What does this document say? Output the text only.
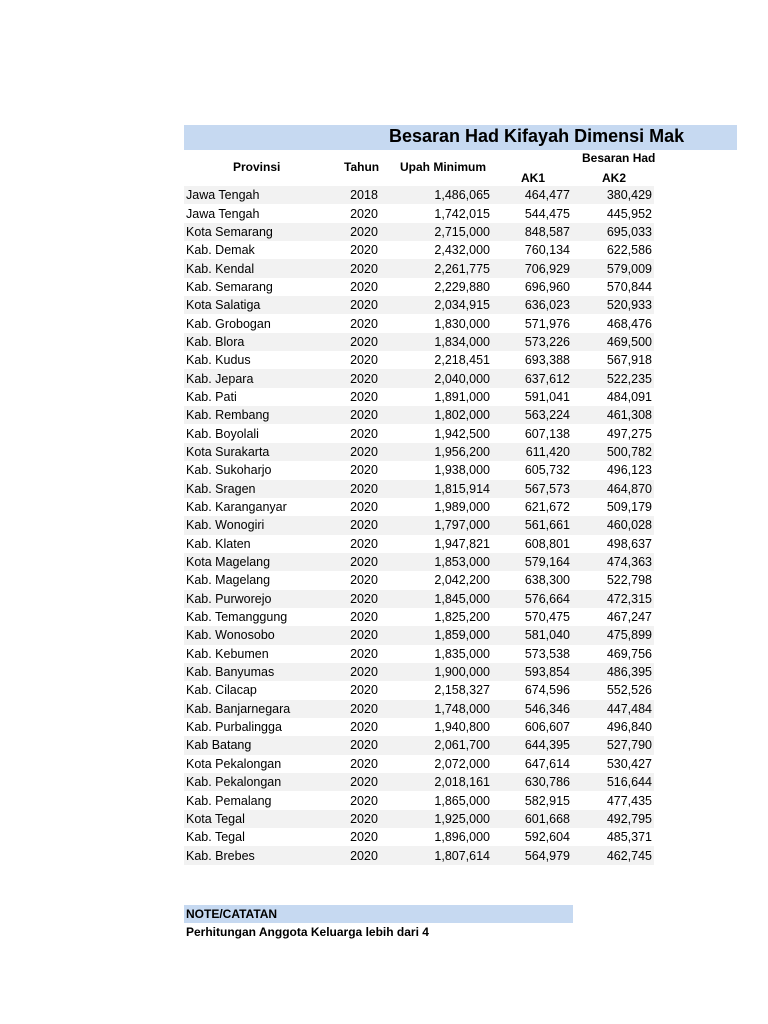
Besaran Had Kifayah Dimensi Mak
Provinsi	Tahun Upah Minimum
Besaran Had
AK1	AK2
Jawa Tengah	2018	1,486,065	464,477	380,429
Jawa Tengah	2020	1,742,015	544,475	445,952
Kota Semarang	2020	2,715,000	848,587	695,033
Kab. Demak	2020	2,432,000	760,134	622,586
Kab. Kendal	2020	2,261,775	706,929	579,009
Kab. Semarang	2020	2,229,880	696,960	570,844
Kota Salatiga	2020	2,034,915	636,023	520,933
Kab. Grobogan	2020	1,830,000	571,976	468,476
Kab. Blora	2020	1,834,000	573,226	469,500
Kab. Kudus	2020	2,218,451	693,388	567,918
Kab. Jepara	2020	2,040,000	637,612	522,235
Kab. Pati	2020	1,891,000	591,041	484,091
Kab. Rembang	2020	1,802,000	563,224	461,308
Kab. Boyolali	2020	1,942,500	607,138	497,275
Kota Surakarta	2020	1,956,200	611,420	500,782
Kab. Sukoharjo	2020	1,938,000	605,732	496,123
Kab. Sragen	2020	1,815,914	567,573	464,870
Kab. Karanganyar	2020	1,989,000	621,672	509,179
Kab. Wonogiri	2020	1,797,000	561,661	460,028
Kab. Klaten	2020	1,947,821	608,801	498,637
Kota Magelang	2020	1,853,000	579,164	474,363
Kab. Magelang	2020	2,042,200	638,300	522,798
Kab. Purworejo	2020	1,845,000	576,664	472,315
Kab. Temanggung	2020	1,825,200	570,475	467,247
Kab. Wonosobo	2020	1,859,000	581,040	475,899
Kab. Kebumen	2020	1,835,000	573,538	469,756
Kab. Banyumas	2020	1,900,000	593,854	486,395
Kab. Cilacap	2020	2,158,327	674,596	552,526
Kab. Banjarnegara	2020	1,748,000	546,346	447,484
Kab. Purbalingga	2020	1,940,800	606,607	496,840
Kab Batang	2020	2,061,700	644,395	527,790
Kota Pekalongan	2020	2,072,000	647,614	530,427
Kab. Pekalongan	2020	2,018,161	630,786	516,644
Kab. Pemalang	2020	1,865,000	582,915	477,435
Kota Tegal	2020	1,925,000	601,668	492,795
Kab. Tegal	2020	1,896,000	592,604	485,371
Kab. Brebes	2020	1,807,614	564,979	462,745
NOTE/CATATAN
Perhitungan Anggota Keluarga lebih dari 4
